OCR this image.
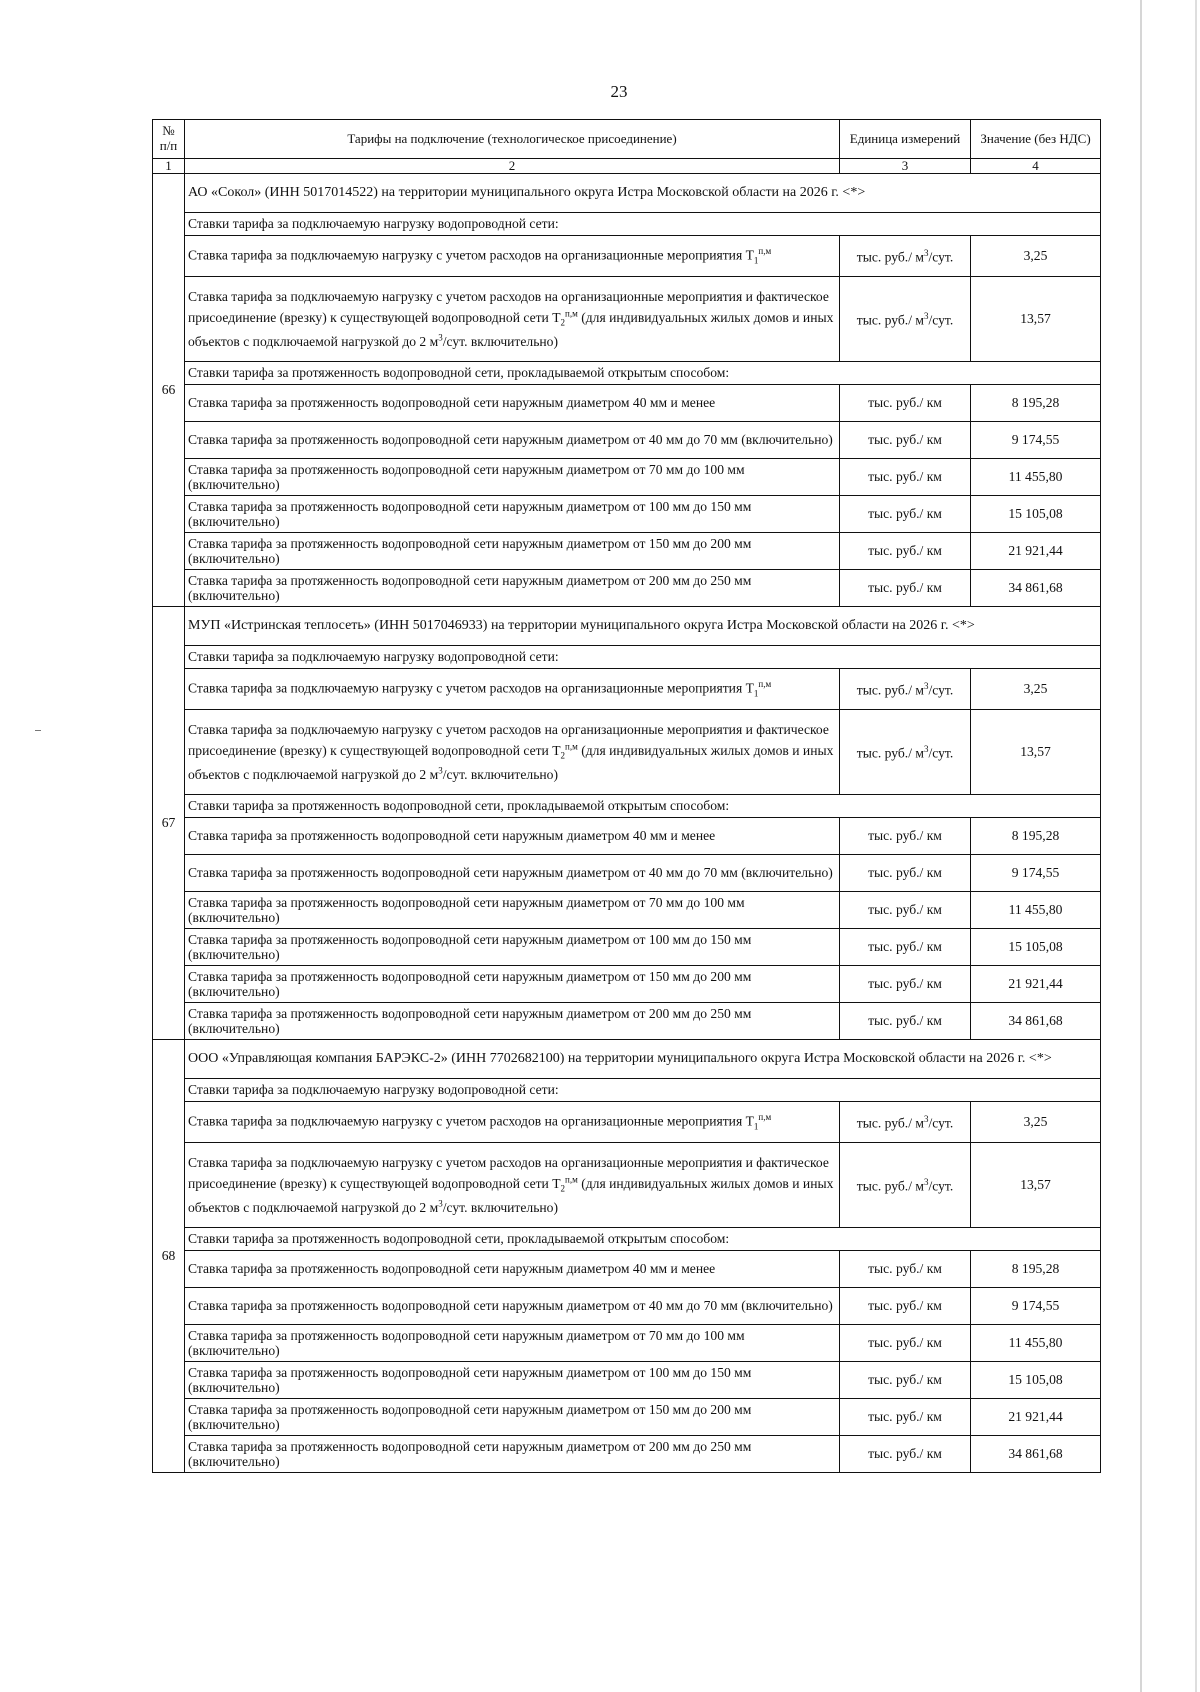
23
№ п/п	Тарифы на подключение (технологическое присоединение)	Единица измерений	Значение (без НДС)
1	2	3	4
66	АО «Сокол» (ИНН 5017014522) на территории муниципального округа Истра Московской области на 2026 г. <*>		
	Ставки тарифа за подключаемую нагрузку водопроводной сети:		
	Ставка тарифа за подключаемую нагрузку с учетом расходов на организационные мероприятия $T_1^{п,м}$	тыс. руб./ $м^3$/сут.	3,25
	Ставка тарифа за подключаемую нагрузку с учетом расходов на организационные мероприятия и фактическое присоединение (врезку) к существующей водопроводной сети $T_2^{п,м}$ (для индивидуальных жилых домов и иных объектов с подключаемой нагрузкой до 2 $м^3$/сут. включительно)	тыс. руб./ $м^3$/сут.	13,57
	Ставки тарифа за протяженность водопроводной сети, прокладываемой открытым способом:		
	Ставка тарифа за протяженность водопроводной сети наружным диаметром 40 мм и менее	тыс. руб./ км	8 195,28
	Ставка тарифа за протяженность водопроводной сети наружным диаметром от 40 мм до 70 мм (включительно)	тыс. руб./ км	9 174,55
	Ставка тарифа за протяженность водопроводной сети наружным диаметром от 70 мм до 100 мм (включительно)	тыс. руб./ км	11 455,80
	Ставка тарифа за протяженность водопроводной сети наружным диаметром от 100 мм до 150 мм (включительно)	тыс. руб./ км	15 105,08
	Ставка тарифа за протяженность водопроводной сети наружным диаметром от 150 мм до 200 мм (включительно)	тыс. руб./ км	21 921,44
	Ставка тарифа за протяженность водопроводной сети наружным диаметром от 200 мм до 250 мм (включительно)	тыс. руб./ км	34 861,68
67	МУП «Истринская теплосеть» (ИНН 5017046933) на территории муниципального округа Истра Московской области на 2026 г. <*>		
	Ставки тарифа за подключаемую нагрузку водопроводной сети:		
	Ставка тарифа за подключаемую нагрузку с учетом расходов на организационные мероприятия $T_1^{п,м}$	тыс. руб./ $м^3$/сут.	3,25
	Ставка тарифа за подключаемую нагрузку с учетом расходов на организационные мероприятия и фактическое присоединение (врезку) к существующей водопроводной сети $T_2^{п,м}$ (для индивидуальных жилых домов и иных объектов с подключаемой нагрузкой до 2 $м^3$/сут. включительно)	тыс. руб./ $м^3$/сут.	13,57
	Ставки тарифа за протяженность водопроводной сети, прокладываемой открытым способом:		
	Ставка тарифа за протяженность водопроводной сети наружным диаметром 40 мм и менее	тыс. руб./ км	8 195,28
	Ставка тарифа за протяженность водопроводной сети наружным диаметром от 40 мм до 70 мм (включительно)	тыс. руб./ км	9 174,55
	Ставка тарифа за протяженность водопроводной сети наружным диаметром от 70 мм до 100 мм (включительно)	тыс. руб./ км	11 455,80
	Ставка тарифа за протяженность водопроводной сети наружным диаметром от 100 мм до 150 мм (включительно)	тыс. руб./ км	15 105,08
	Ставка тарифа за протяженность водопроводной сети наружным диаметром от 150 мм до 200 мм (включительно)	тыс. руб./ км	21 921,44
	Ставка тарифа за протяженность водопроводной сети наружным диаметром от 200 мм до 250 мм (включительно)	тыс. руб./ км	34 861,68
68	ООО «Управляющая компания БАРЭКС-2» (ИНН 7702682100) на территории муниципального округа Истра Московской области на 2026 г. <*>		
	Ставки тарифа за подключаемую нагрузку водопроводной сети:		
	Ставка тарифа за подключаемую нагрузку с учетом расходов на организационные мероприятия $T_1^{п,м}$	тыс. руб./ $м^3$/сут.	3,25
	Ставка тарифа за подключаемую нагрузку с учетом расходов на организационные мероприятия и фактическое присоединение (врезку) к существующей водопроводной сети $T_2^{п,м}$ (для индивидуальных жилых домов и иных объектов с подключаемой нагрузкой до 2 $м^3$/сут. включительно)	тыс. руб./ $м^3$/сут.	13,57
	Ставки тарифа за протяженность водопроводной сети, прокладываемой открытым способом:		
	Ставка тарифа за протяженность водопроводной сети наружным диаметром 40 мм и менее	тыс. руб./ км	8 195,28
	Ставка тарифа за протяженность водопроводной сети наружным диаметром от 40 мм до 70 мм (включительно)	тыс. руб./ км	9 174,55
	Ставка тарифа за протяженность водопроводной сети наружным диаметром от 70 мм до 100 мм (включительно)	тыс. руб./ км	11 455,80
	Ставка тарифа за протяженность водопроводной сети наружным диаметром от 100 мм до 150 мм (включительно)	тыс. руб./ км	15 105,08
	Ставка тарифа за протяженность водопроводной сети наружным диаметром от 150 мм до 200 мм (включительно)	тыс. руб./ км	21 921,44
	Ставка тарифа за протяженность водопроводной сети наружным диаметром от 200 мм до 250 мм (включительно)	тыс. руб./ км	34 861,68
